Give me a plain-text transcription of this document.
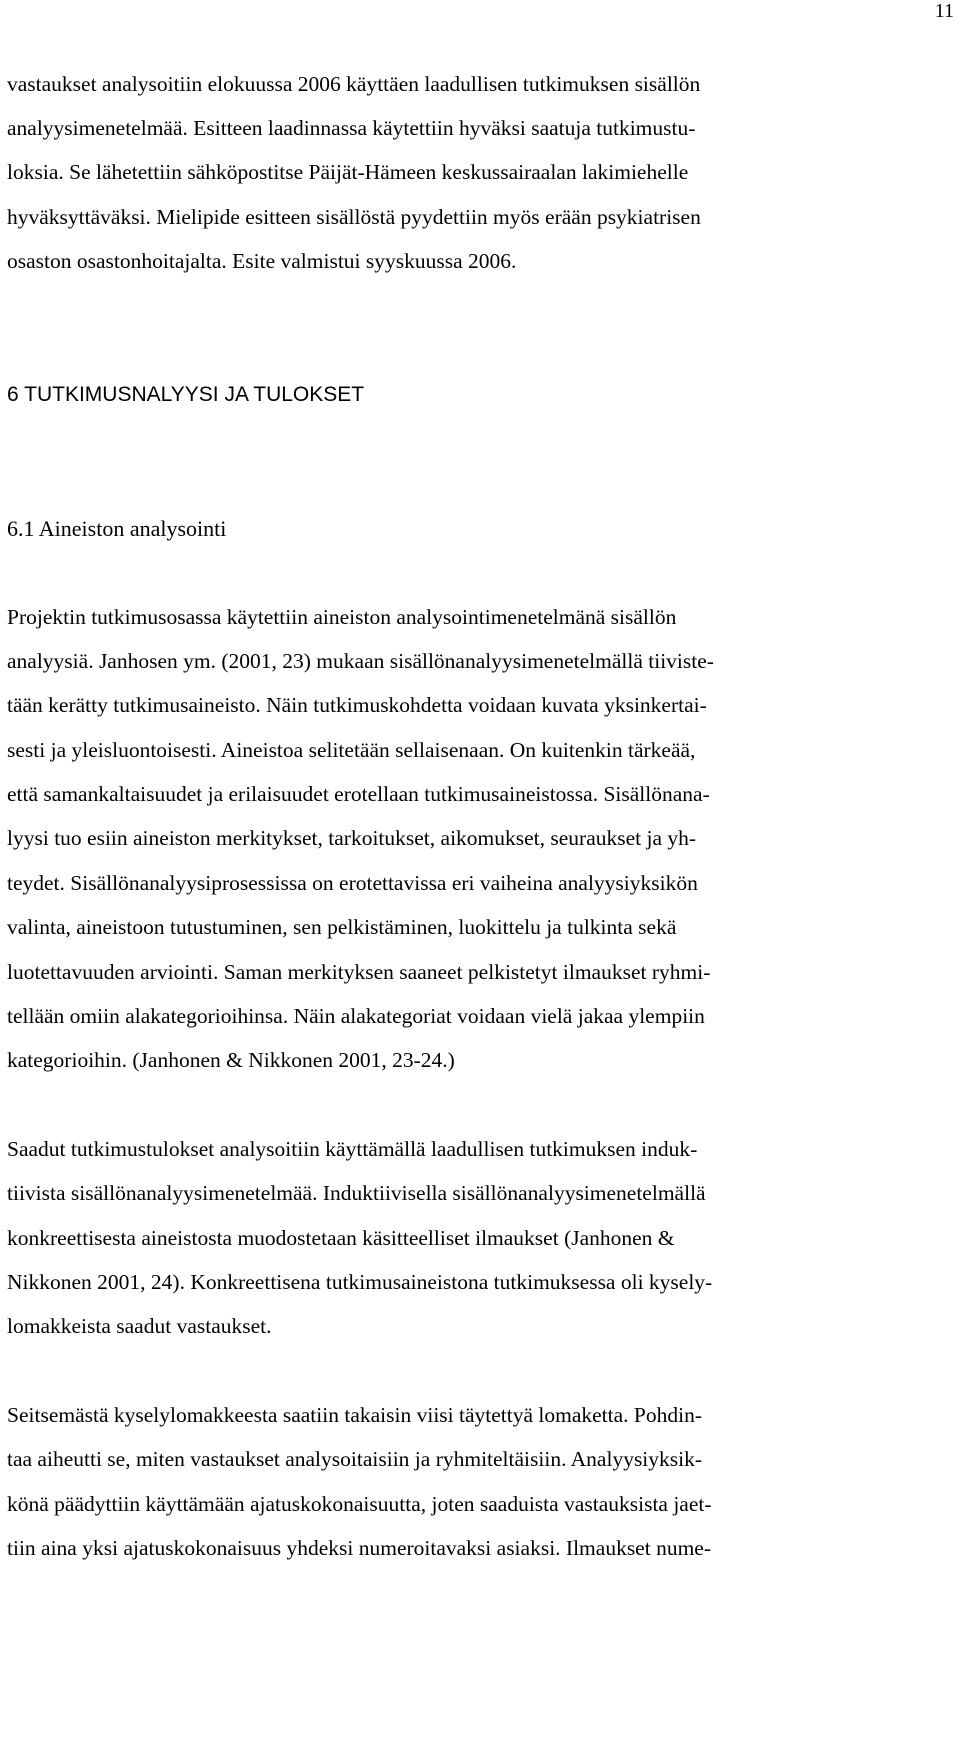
11
vastaukset analysoitiin elokuussa 2006 käyttäen laadullisen tutkimuksen sisällön
analyysimenetelmää. Esitteen laadinnassa käytettiin hyväksi saatuja tutkimustu-
loksia. Se lähetettiin sähköpostitse Päijät-Hämeen keskussairaalan lakimiehelle
hyväksyttäväksi. Mielipide esitteen sisällöstä pyydettiin myös erään psykiatrisen
osaston osastonhoitajalta. Esite valmistui syyskuussa 2006.
6 TUTKIMUSNALYYSI JA TULOKSET
6.1 Aineiston analysointi
Projektin tutkimusosassa käytettiin aineiston analysointimenetelmänä sisällön
analyysiä. Janhosen ym. (2001, 23) mukaan sisällönanalyysimenetelmällä tiiviste-
tään kerätty tutkimusaineisto. Näin tutkimuskohdetta voidaan kuvata yksinkertai-
sesti ja yleisluontoisesti. Aineistoa selitetään sellaisenaan. On kuitenkin tärkeää,
että samankaltaisuudet ja erilaisuudet erotellaan tutkimusaineistossa. Sisällönana-
lyysi tuo esiin aineiston merkitykset, tarkoitukset, aikomukset, seuraukset ja yh-
teydet. Sisällönanalyysiprosessissa on erotettavissa eri vaiheina analyysiyksikön
valinta, aineistoon tutustuminen, sen pelkistäminen, luokittelu ja tulkinta sekä
luotettavuuden arviointi. Saman merkityksen saaneet pelkistetyt ilmaukset ryhmi-
tellään omiin alakategorioihinsa. Näin alakategoriat voidaan vielä jakaa ylempiin
kategorioihin. (Janhonen & Nikkonen 2001, 23-24.)
Saadut tutkimustulokset analysoitiin käyttämällä laadullisen tutkimuksen induk-
tiivista sisällönanalyysimenetelmää. Induktiivisella sisällönanalyysimenetelmällä
konkreettisesta aineistosta muodostetaan käsitteelliset ilmaukset (Janhonen &
Nikkonen 2001, 24). Konkreettisena tutkimusaineistona tutkimuksessa oli kysely-
lomakkeista saadut vastaukset.
Seitsemästä kyselylomakkeesta saatiin takaisin viisi täytettyä lomaketta. Pohdin-
taa aiheutti se, miten vastaukset analysoitaisiin ja ryhmiteltäisiin. Analyysiyksik-
könä päädyttiin käyttämään ajatuskokonaisuutta, joten saaduista vastauksista jaet-
tiin aina yksi ajatuskokonaisuus yhdeksi numeroitavaksi asiaksi. Ilmaukset nume-
